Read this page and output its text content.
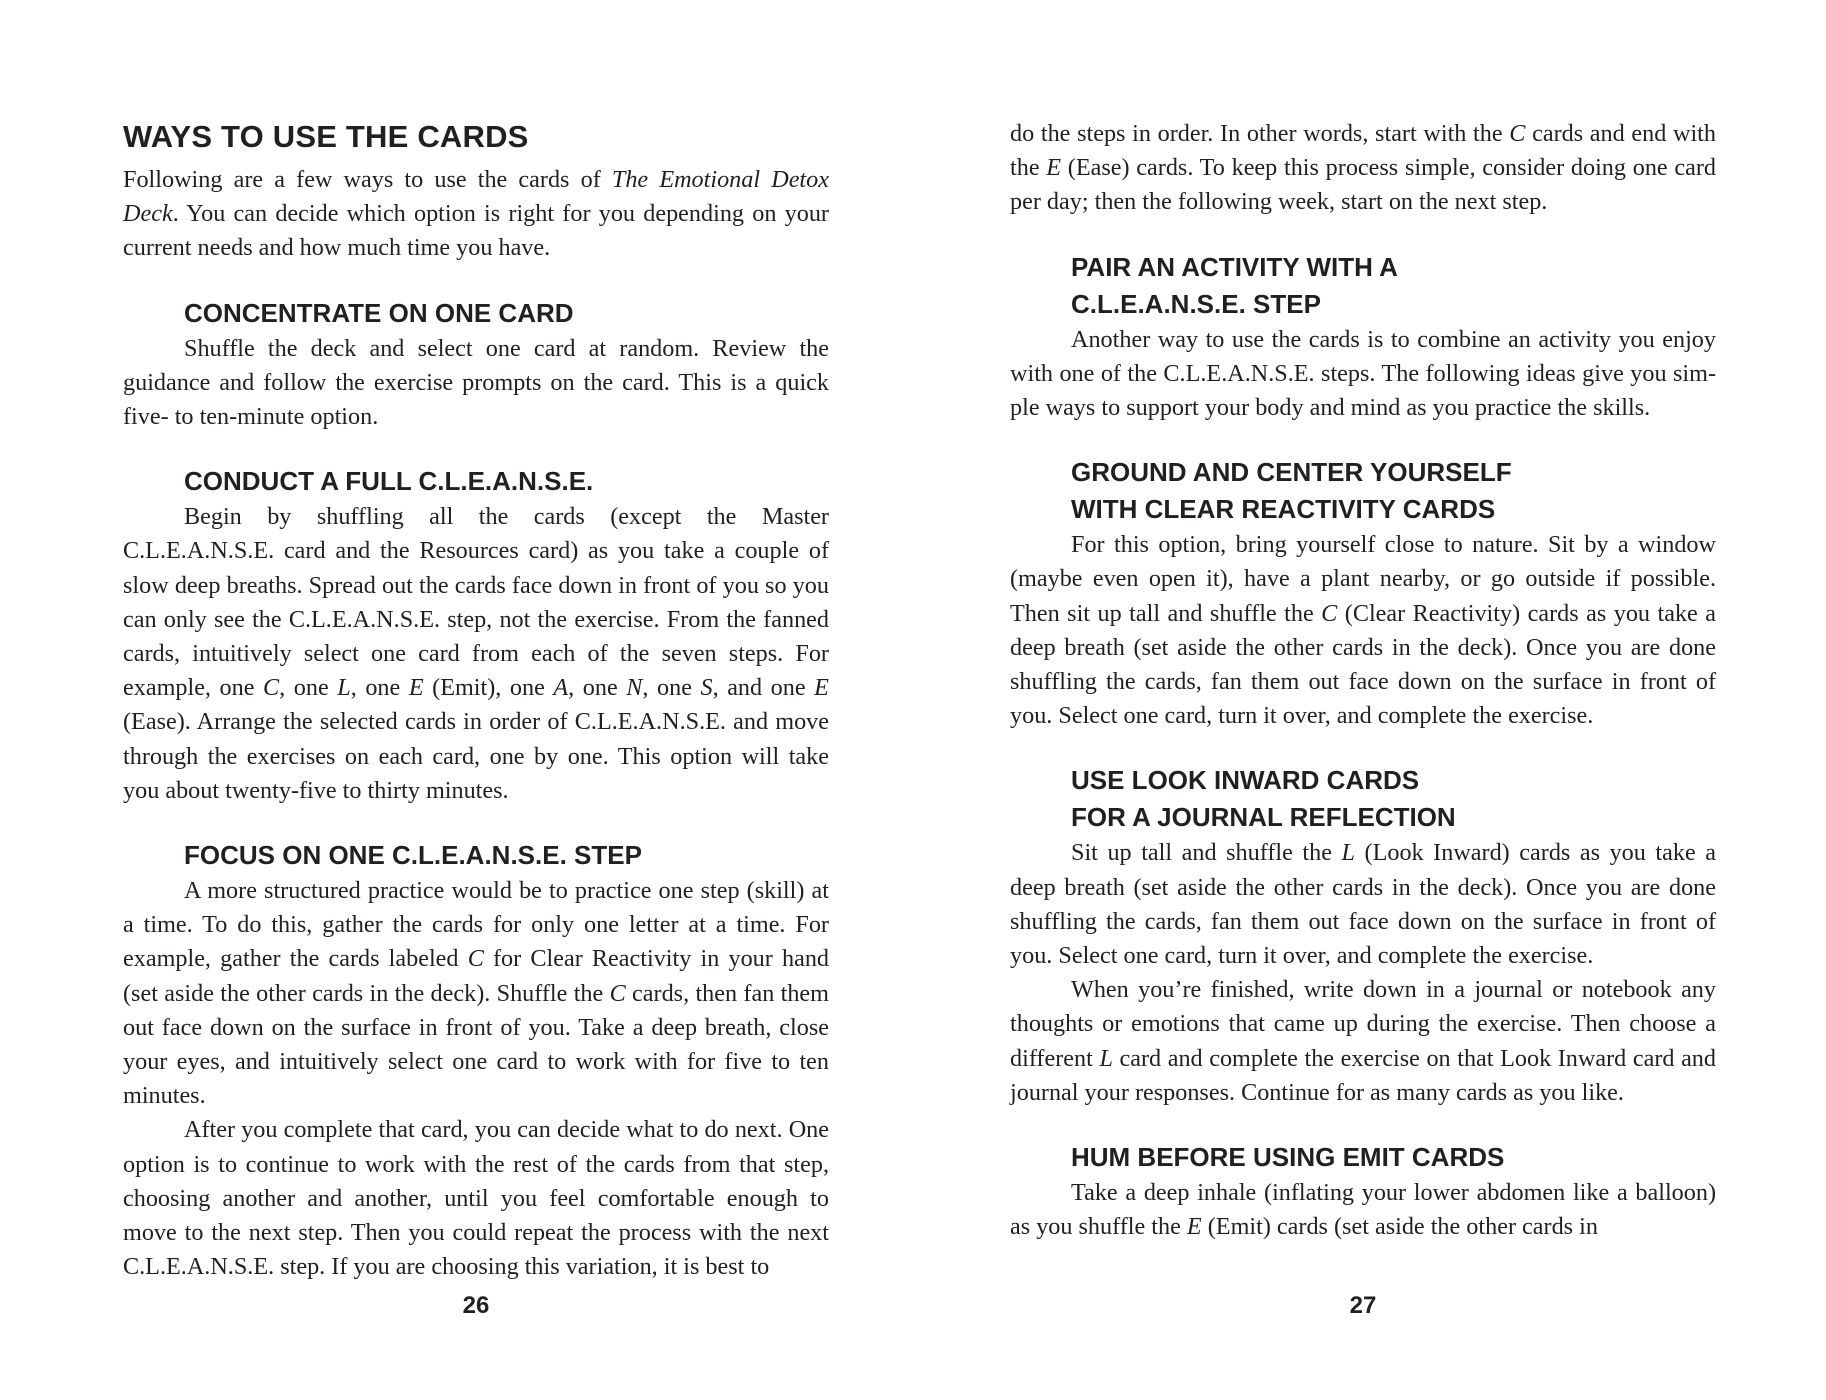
WAYS TO USE THE CARDS

Following are a few ways to use the cards of The Emotional Detox Deck. You can decide which option is right for you depending on your current needs and how much time you have.

CONCENTRATE ON ONE CARD

Shuffle the deck and select one card at random. Review the guidance and follow the exercise prompts on the card. This is a quick five- to ten-minute option.

CONDUCT A FULL C.L.E.A.N.S.E.

Begin by shuffling all the cards (except the Master C.L.E.A.N.S.E. card and the Resources card) as you take a couple of slow deep breaths. Spread out the cards face down in front of you so you can only see the C.L.E.A.N.S.E. step, not the exercise. From the fanned cards, intuitively select one card from each of the seven steps. For example, one C, one L, one E (Emit), one A, one N, one S, and one E (Ease). Arrange the selected cards in order of C.L.E.A.N.S.E. and move through the exercises on each card, one by one. This option will take you about twenty-five to thirty minutes.

FOCUS ON ONE C.L.E.A.N.S.E. STEP

A more structured practice would be to practice one step (skill) at a time. To do this, gather the cards for only one letter at a time. For example, gather the cards labeled C for Clear Reactivity in your hand (set aside the other cards in the deck). Shuffle the C cards, then fan them out face down on the surface in front of you. Take a deep breath, close your eyes, and intuitively select one card to work with for five to ten minutes.

After you complete that card, you can decide what to do next. One option is to continue to work with the rest of the cards from that step, choosing another and another, until you feel comfortable enough to move to the next step. Then you could repeat the process with the next C.L.E.A.N.S.E. step. If you are choosing this variation, it is best to

26

do the steps in order. In other words, start with the C cards and end with the E (Ease) cards. To keep this process simple, consider doing one card per day; then the following week, start on the next step.

PAIR AN ACTIVITY WITH A
C.L.E.A.N.S.E. STEP

Another way to use the cards is to combine an activity you enjoy with one of the C.L.E.A.N.S.E. steps. The following ideas give you simple ways to support your body and mind as you practice the skills.

GROUND AND CENTER YOURSELF
WITH CLEAR REACTIVITY CARDS

For this option, bring yourself close to nature. Sit by a window (maybe even open it), have a plant nearby, or go outside if possible. Then sit up tall and shuffle the C (Clear Reactivity) cards as you take a deep breath (set aside the other cards in the deck). Once you are done shuffling the cards, fan them out face down on the surface in front of you. Select one card, turn it over, and complete the exercise.

USE LOOK INWARD CARDS
FOR A JOURNAL REFLECTION

Sit up tall and shuffle the L (Look Inward) cards as you take a deep breath (set aside the other cards in the deck). Once you are done shuffling the cards, fan them out face down on the surface in front of you. Select one card, turn it over, and complete the exercise.

When you’re finished, write down in a journal or notebook any thoughts or emotions that came up during the exercise. Then choose a different L card and complete the exercise on that Look Inward card and journal your responses. Continue for as many cards as you like.

HUM BEFORE USING EMIT CARDS

Take a deep inhale (inflating your lower abdomen like a balloon) as you shuffle the E (Emit) cards (set aside the other cards in

27
